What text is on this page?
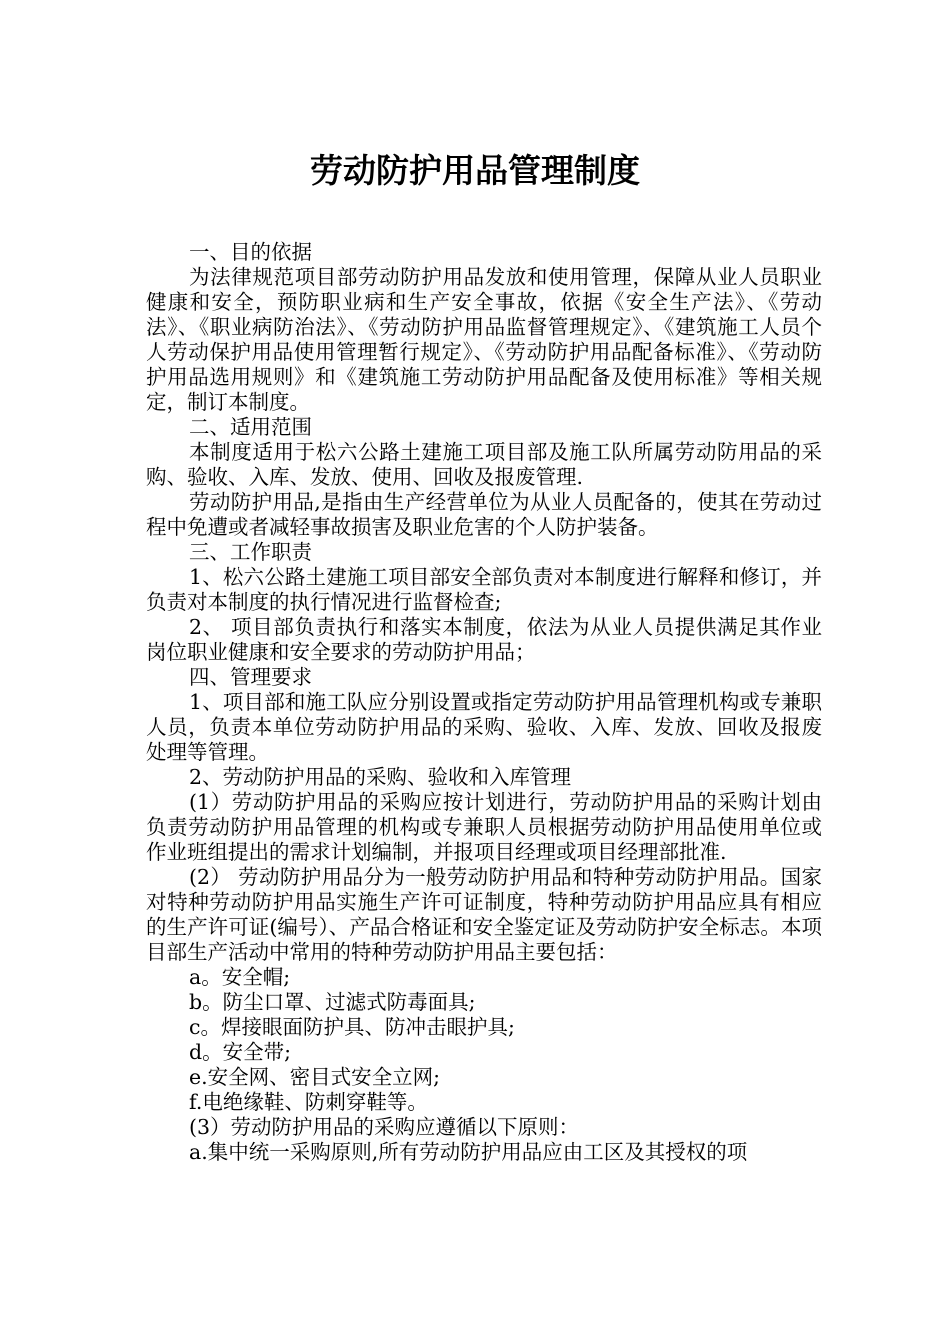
劳动防护用品管理制度

一、目的依据

为法律规范项目部劳动防护用品发放和使用管理，保障从业人员职业健康和安全，预防职业病和生产安全事故，依据《安全生产法》、《劳动法》、《职业病防治法》、《劳动防护用品监督管理规定》、《建筑施工人员个人劳动保护用品使用管理暂行规定》、《劳动防护用品配备标准》、《劳动防护用品选用规则》和《建筑施工劳动防护用品配备及使用标准》等相关规定，制订本制度。

二、适用范围

本制度适用于松六公路土建施工项目部及施工队所属劳动防用品的采购、验收、入库、发放、使用、回收及报废管理.

劳动防护用品,是指由生产经营单位为从业人员配备的，使其在劳动过程中免遭或者减轻事故损害及职业危害的个人防护装备。

三、工作职责

1、松六公路土建施工项目部安全部负责对本制度进行解释和修订，并负责对本制度的执行情况进行监督检查;

2、 项目部负责执行和落实本制度，依法为从业人员提供满足其作业岗位职业健康和安全要求的劳动防护用品；

四、管理要求

1、项目部和施工队应分别设置或指定劳动防护用品管理机构或专兼职人员，负责本单位劳动防护用品的采购、验收、入库、发放、回收及报废处理等管理。

2、劳动防护用品的采购、验收和入库管理

(1）劳动防护用品的采购应按计划进行，劳动防护用品的采购计划由负责劳动防护用品管理的机构或专兼职人员根据劳动防护用品使用单位或作业班组提出的需求计划编制，并报项目经理或项目经理部批准.

(2） 劳动防护用品分为一般劳动防护用品和特种劳动防护用品。国家对特种劳动防护用品实施生产许可证制度，特种劳动防护用品应具有相应的生产许可证(编号）、产品合格证和安全鉴定证及劳动防护安全标志。本项目部生产活动中常用的特种劳动防护用品主要包括：

a。安全帽;

b。防尘口罩、过滤式防毒面具;

c。焊接眼面防护具、防冲击眼护具;

d。安全带;

e.安全网、密目式安全立网;

f.电绝缘鞋、防刺穿鞋等。

(3）劳动防护用品的采购应遵循以下原则：

a.集中统一采购原则,所有劳动防护用品应由工区及其授权的项
